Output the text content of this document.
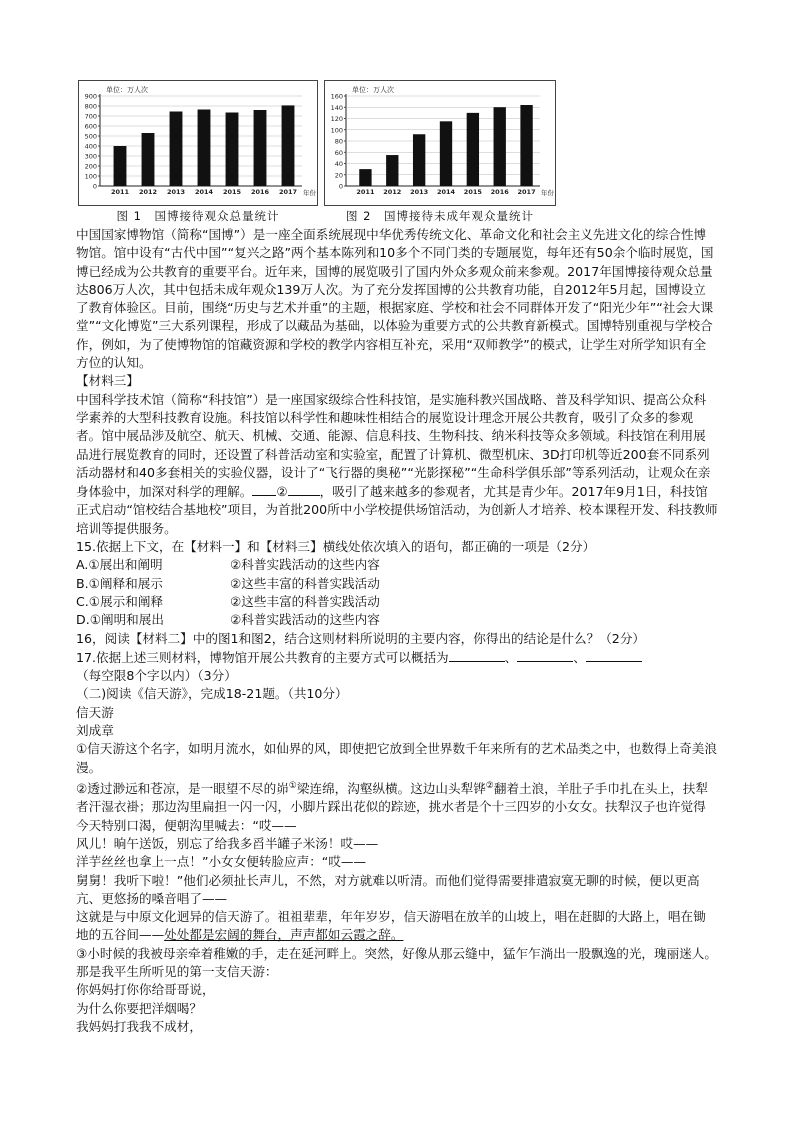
单位：万人次
0
100
200
300
400
500
600
700
800
900
2011 2012 2013 2014 2015 2016 2017 年份
图 1　国博接待观众总量统计
单位：万人次
0
20
40
60
80
100
120
140
160
2011 2012 2013 2014 2015 2016 2017 年份
图 2　国博接待未成年观众量统计

中国国家博物馆（简称“国博”）是一座全面系统展现中华优秀传统文化、革命文化和社会主义先进文化的综合性博物馆。馆中设有“古代中国”“复兴之路”两个基本陈列和10多个不同门类的专题展览，每年还有50余个临时展览，国博已经成为公共教育的重要平台。近年来，国博的展览吸引了国内外众多观众前来参观。2017年国博接待观众总量达806万人次，其中包括未成年观众139万人次。为了充分发挥国博的公共教育功能，自2012年5月起，国博设立了教育体验区。目前，围绕“历史与艺术并重”的主题，根据家庭、学校和社会不同群体开发了“阳光少年”“社会大课堂”“文化博览”三大系列课程，形成了以藏品为基础，以体验为重要方式的公共教育新模式。国博特别重视与学校合作，例如，为了使博物馆的馆藏资源和学校的教学内容相互补充，采用“双师教学”的模式，让学生对所学知识有全方位的认知。

【材料三】

中国科学技术馆（简称“科技馆”）是一座国家级综合性科技馆，是实施科教兴国战略、普及科学知识、提高公众科学素养的大型科技教育设施。科技馆以科学性和趣味性相结合的展览设计理念开展公共教育，吸引了众多的参观者。馆中展品涉及航空、航天、机械、交通、能源、信息科技、生物科技、纳米科技等众多领域。科技馆在利用展品进行展览教育的同时，还设置了科普活动室和实验室，配置了计算机、微型机床、3D打印机等近200套不同系列活动器材和40多套相关的实验仪器，设计了“飞行器的奥秘”“光影探秘”“生命科学俱乐部”等系列活动，让观众在亲身体验中，加深对科学的理解。 ②	，吸引了越来越多的参观者，尤其是青少年。2017年9月1日，科技馆正式启动“馆校结合基地校”项目，为首批200所中小学校提供场馆活动，为创新人才培养、校本课程开发、科技教师培训等提供服务。

15.依据上下文，在【材料一】和【材料三】横线处依次填入的语句，都正确的一项是（2分）

A.①展出和阐明	②科普实践活动的这些内容

B.①阐释和展示	②这些丰富的科普实践活动

C.①展示和阐释	②这些丰富的科普实践活动

D.①阐明和展出	②科普实践活动的这些内容

16，阅读【材料二】中的图1和图2，结合这则材料所说明的主要内容，你得出的结论是什么？（2分）

17.依据上述三则材料，博物馆开展公共教育的主要方式可以概括为	、	、
（每空限8个字以内）（3分）

（二)阅读《信天游》，完成18-21题。（共10分）

信天游

刘成章

①信天游这个名字，如明月流水，如仙界的风，即使把它放到全世界数千年来所有的艺术品类之中，也数得上奇美浪漫。

②透过渺远和苍凉，是一眼望不尽的峁①梁连绵，沟壑纵横。这边山头犁铧②翻着土浪，羊肚子手巾扎在头上，扶犁者汗湿衣褂；那边沟里扁担一闪一闪，小脚片踩出花似的踪迹，挑水者是个十三四岁的小女女。扶犁汉子也许觉得今天特别口渴，便朝沟里喊去：“哎——

风儿！晌午送饭，别忘了给我多舀半罐子米汤！哎——

洋芋丝丝也拿上一点！”小女女便转脸应声：“哎——

舅舅！我听下啦！”他们必须扯长声儿，不然，对方就难以听清。而他们觉得需要排遣寂寞无聊的时候，便以更高亢、更悠扬的嗓音唱了——

这就是与中原文化迥异的信天游了。祖祖辈辈，年年岁岁，信天游唱在放羊的山坡上，唱在赶脚的大路上，唱在锄地的五谷间——处处都是宏阔的舞台，声声都如云霞之辞。

③小时候的我被母亲牵着稚嫩的手，走在延河畔上。突然，好像从那云缝中，猛乍乍淌出一股飘逸的光，瑰丽迷人。那是我平生所听见的第一支信天游：

你妈妈打你你给哥哥说，

为什么你要把洋烟喝？

我妈妈打我我不成材，
